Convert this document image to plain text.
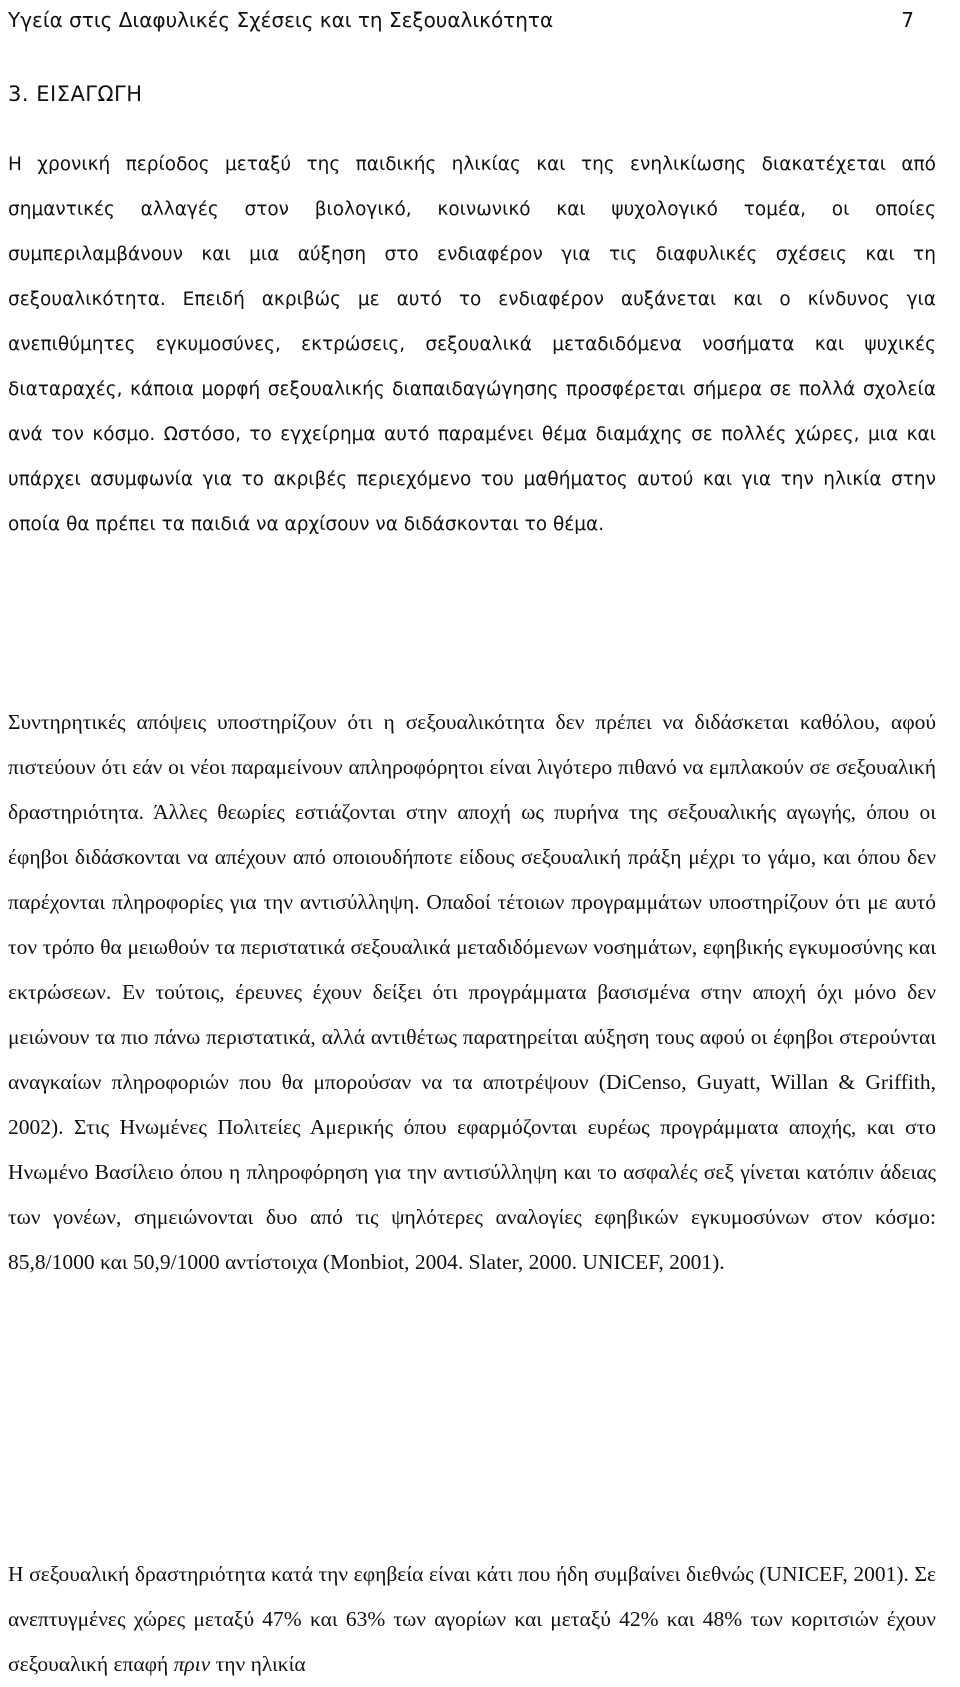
Υγεία στις Διαφυλικές Σχέσεις και τη Σεξουαλικότητα	7
3. ΕΙΣΑΓΩΓΗ

Η χρονική περίοδος μεταξύ της παιδικής ηλικίας και της ενηλικίωσης διακατέχεται από σημαντικές αλλαγές στον βιολογικό, κοινωνικό και ψυχολογικό τομέα, οι οποίες συμπεριλαμβάνουν και μια αύξηση στο ενδιαφέρον για τις διαφυλικές σχέσεις και τη σεξουαλικότητα. Επειδή ακριβώς με αυτό το ενδιαφέρον αυξάνεται και ο κίνδυνος για ανεπιθύμητες εγκυμοσύνες, εκτρώσεις, σεξουαλικά μεταδιδόμενα νοσήματα και ψυχικές διαταραχές, κάποια μορφή σεξουαλικής διαπαιδαγώγησης προσφέρεται σήμερα σε πολλά σχολεία ανά τον κόσμο. Ωστόσο, το εγχείρημα αυτό παραμένει θέμα διαμάχης σε πολλές χώρες, μια και υπάρχει ασυμφωνία για το ακριβές περιεχόμενο του μαθήματος αυτού και για την ηλικία στην οποία θα πρέπει τα παιδιά να αρχίσουν να διδάσκονται το θέμα.

Συντηρητικές απόψεις υποστηρίζουν ότι η σεξουαλικότητα δεν πρέπει να διδάσκεται καθόλου, αφού πιστεύουν ότι εάν οι νέοι παραμείνουν απληροφόρητοι είναι λιγότερο πιθανό να εμπλακούν σε σεξουαλική δραστηριότητα. Άλλες θεωρίες εστιάζονται στην αποχή ως πυρήνα της σεξουαλικής αγωγής, όπου οι έφηβοι διδάσκονται να απέχουν από οποιουδήποτε είδους σεξουαλική πράξη μέχρι το γάμο, και όπου δεν παρέχονται πληροφορίες για την αντισύλληψη. Οπαδοί τέτοιων προγραμμάτων υποστηρίζουν ότι με αυτό τον τρόπο θα μειωθούν τα περιστατικά σεξουαλικά μεταδιδόμενων νοσημάτων, εφηβικής εγκυμοσύνης και εκτρώσεων. Εν τούτοις, έρευνες έχουν δείξει ότι προγράμματα βασισμένα στην αποχή όχι μόνο δεν μειώνουν τα πιο πάνω περιστατικά, αλλά αντιθέτως παρατηρείται αύξηση τους αφού οι έφηβοι στερούνται αναγκαίων πληροφοριών που θα μπορούσαν να τα αποτρέψουν (DiCenso, Guyatt, Willan & Griffith, 2002). Στις Ηνωμένες Πολιτείες Αμερικής όπου εφαρμόζονται ευρέως προγράμματα αποχής, και στο Ηνωμένο Βασίλειο όπου η πληροφόρηση για την αντισύλληψη και το ασφαλές σεξ γίνεται κατόπιν άδειας των γονέων, σημειώνονται δυο από τις ψηλότερες αναλογίες εφηβικών εγκυμοσύνων στον κόσμο: 85,8/1000 και 50,9/1000 αντίστοιχα (Monbiot, 2004. Slater, 2000. UNICEF, 2001).

Η σεξουαλική δραστηριότητα κατά την εφηβεία είναι κάτι που ήδη συμβαίνει διεθνώς (UNICEF, 2001). Σε ανεπτυγμένες χώρες μεταξύ 47% και 63% των αγορίων και μεταξύ 42% και 48% των κοριτσιών έχουν σεξουαλική επαφή πριν την ηλικία
